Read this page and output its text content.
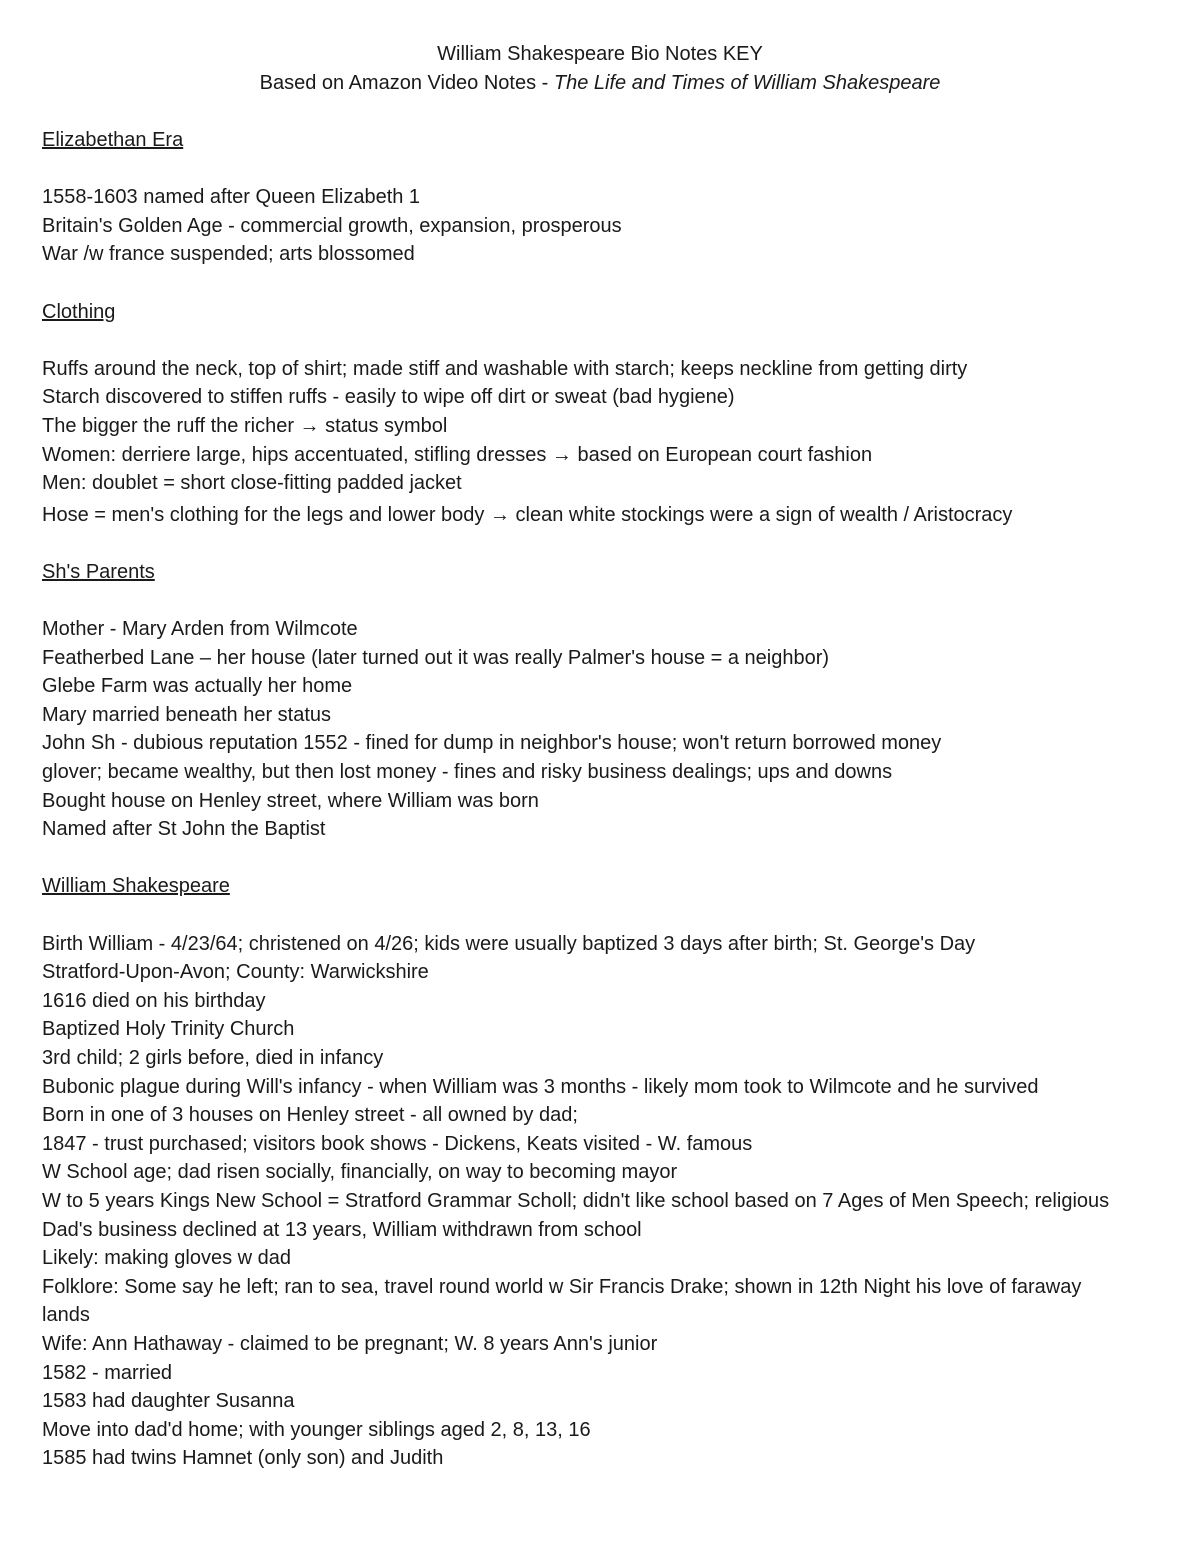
William Shakespeare Bio Notes KEY
Based on Amazon Video Notes - The Life and Times of William Shakespeare
Elizabethan Era
1558-1603 named after Queen Elizabeth 1
Britain's Golden Age - commercial growth, expansion, prosperous
War /w france suspended; arts blossomed
Clothing
Ruffs around the neck, top of shirt; made stiff and washable with starch; keeps neckline from getting dirty
Starch discovered to stiffen ruffs - easily to wipe off dirt or sweat (bad hygiene)
The bigger the ruff the richer → status symbol
Women: derriere large, hips accentuated, stifling dresses → based on European court fashion
Men: doublet = short close-fitting padded jacket
Hose = men's clothing for the legs and lower body → clean white stockings were a sign of wealth / Aristocracy
Sh's Parents
Mother - Mary Arden from Wilmcote
Featherbed Lane – her house (later turned out it was really Palmer's house = a neighbor)
Glebe Farm was actually her home
Mary married beneath her status
John Sh - dubious reputation 1552 - fined for dump in neighbor's house; won't return borrowed money
glover; became wealthy, but then lost money - fines and risky business dealings; ups and downs
Bought house on Henley street, where William was born
Named after St John the Baptist
William Shakespeare
Birth William - 4/23/64; christened on 4/26; kids were usually baptized 3 days after birth; St. George's Day
Stratford-Upon-Avon; County: Warwickshire
1616 died on his birthday
Baptized Holy Trinity Church
3rd child; 2 girls before, died in infancy
Bubonic plague during Will's infancy - when William was 3 months - likely mom took to Wilmcote and he survived
Born in one of 3 houses on Henley street - all owned by dad;
1847 - trust purchased; visitors book shows - Dickens, Keats visited - W. famous
W School age; dad risen socially, financially, on way to becoming mayor
W to 5 years Kings New School = Stratford Grammar Scholl; didn't like school based on 7 Ages of Men Speech; religious
Dad's business declined at 13 years, William withdrawn from school
Likely: making gloves w dad
Folklore: Some say he left; ran to sea, travel round world w Sir Francis Drake; shown in 12th Night his love of faraway lands
Wife: Ann Hathaway - claimed to be pregnant; W. 8 years Ann's junior
1582 - married
1583 had daughter Susanna
Move into dad'd home; with younger siblings aged 2, 8, 13, 16
1585 had twins Hamnet (only son) and Judith
